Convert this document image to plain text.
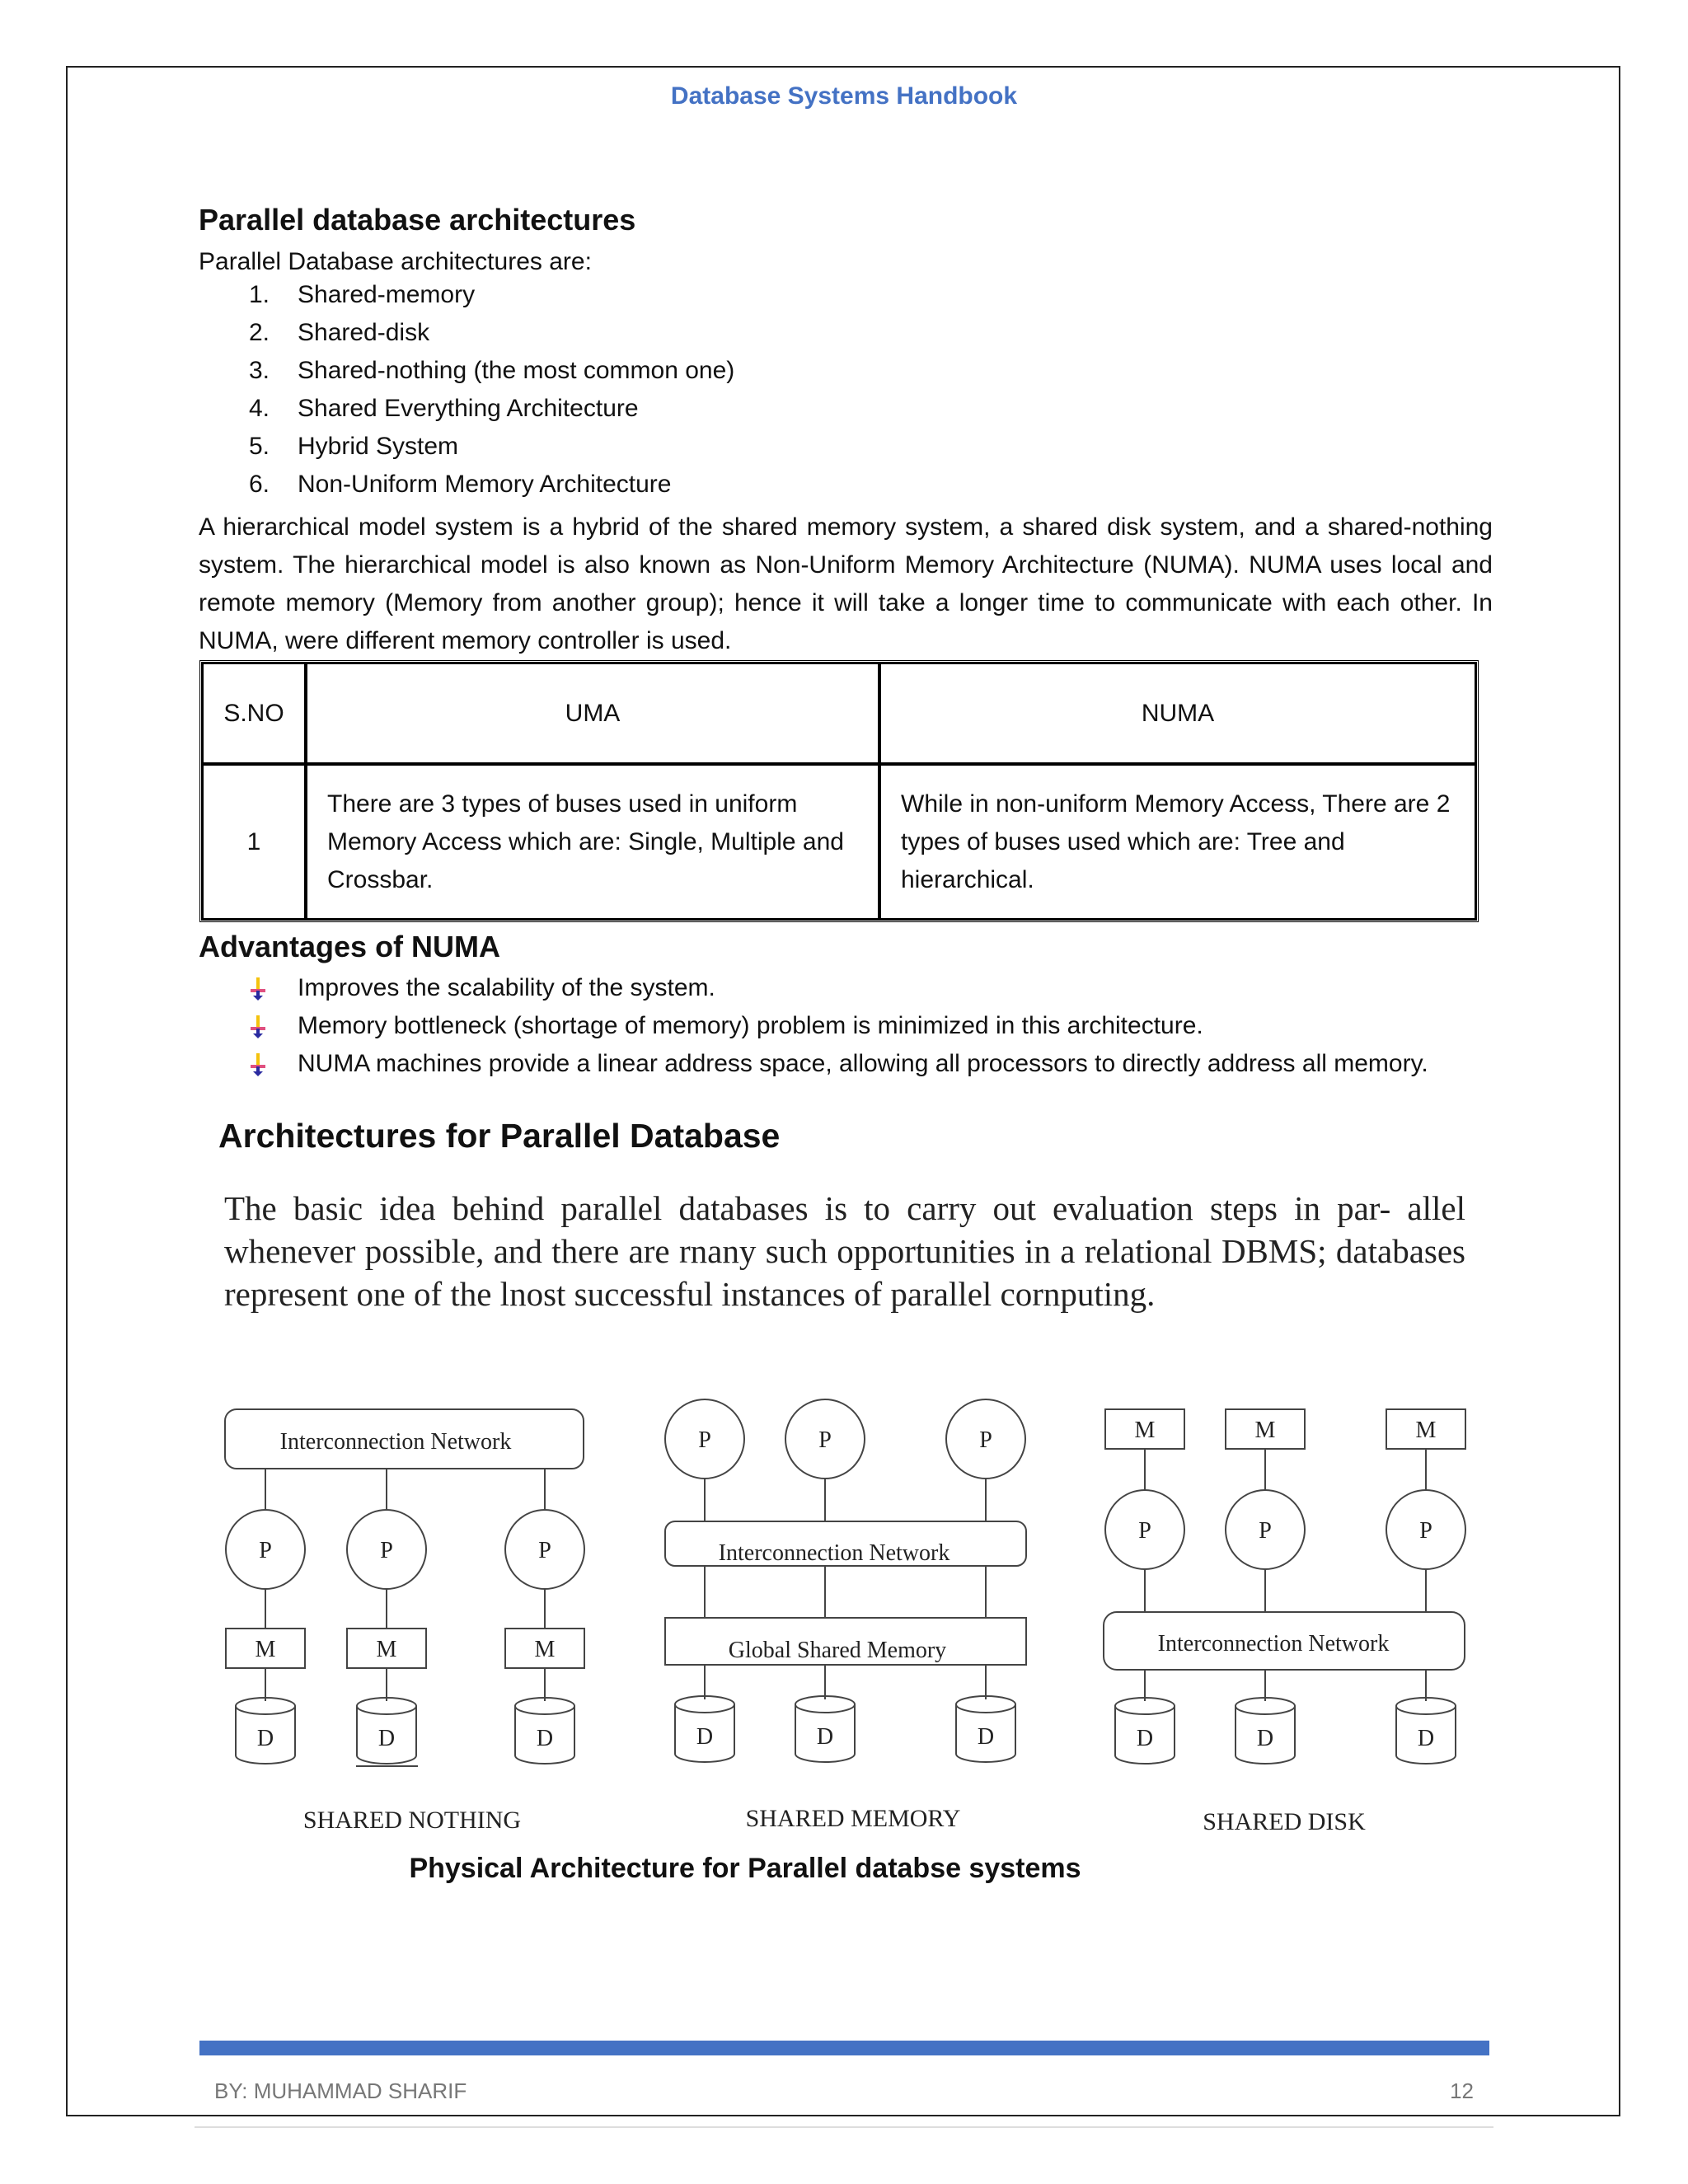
Database Systems Handbook
Parallel database architectures
Parallel Database architectures are:
1. Shared-memory
2. Shared-disk
3. Shared-nothing (the most common one)
4. Shared Everything Architecture
5. Hybrid System
6. Non-Uniform Memory Architecture
A hierarchical model system is a hybrid of the shared memory system, a shared disk system, and a shared-nothing system. The hierarchical model is also known as Non-Uniform Memory Architecture (NUMA). NUMA uses local and remote memory (Memory from another group); hence it will take a longer time to communicate with each other. In NUMA, were different memory controller is used.
S.NO	UMA	NUMA
1	There are 3 types of buses used in uniform Memory Access which are: Single, Multiple and Crossbar.	While in non-uniform Memory Access, There are 2 types of buses used which are: Tree and hierarchical.
Advantages of NUMA
Improves the scalability of the system.
Memory bottleneck (shortage of memory) problem is minimized in this architecture.
NUMA machines provide a linear address space, allowing all processors to directly address all memory.
Architectures for Parallel Database
The basic idea behind parallel databases is to carry out evaluation steps in par- allel whenever possible, and there are rnany such opportunities in a relational DBMS; databases represent one of the lnost successful instances of parallel cornputing.
Interconnection Network
P
M
D
P
M
D
P
M
D
P
D
P
D
P
D
Interconnection Network
Global Shared Memory
M
P
D
M
P
D
M
P
D
Interconnection Network
SHARED NOTHING	SHARED MEMORY	SHARED DISK
Physical Architecture for Parallel databse systems
BY: MUHAMMAD SHARIF	12
